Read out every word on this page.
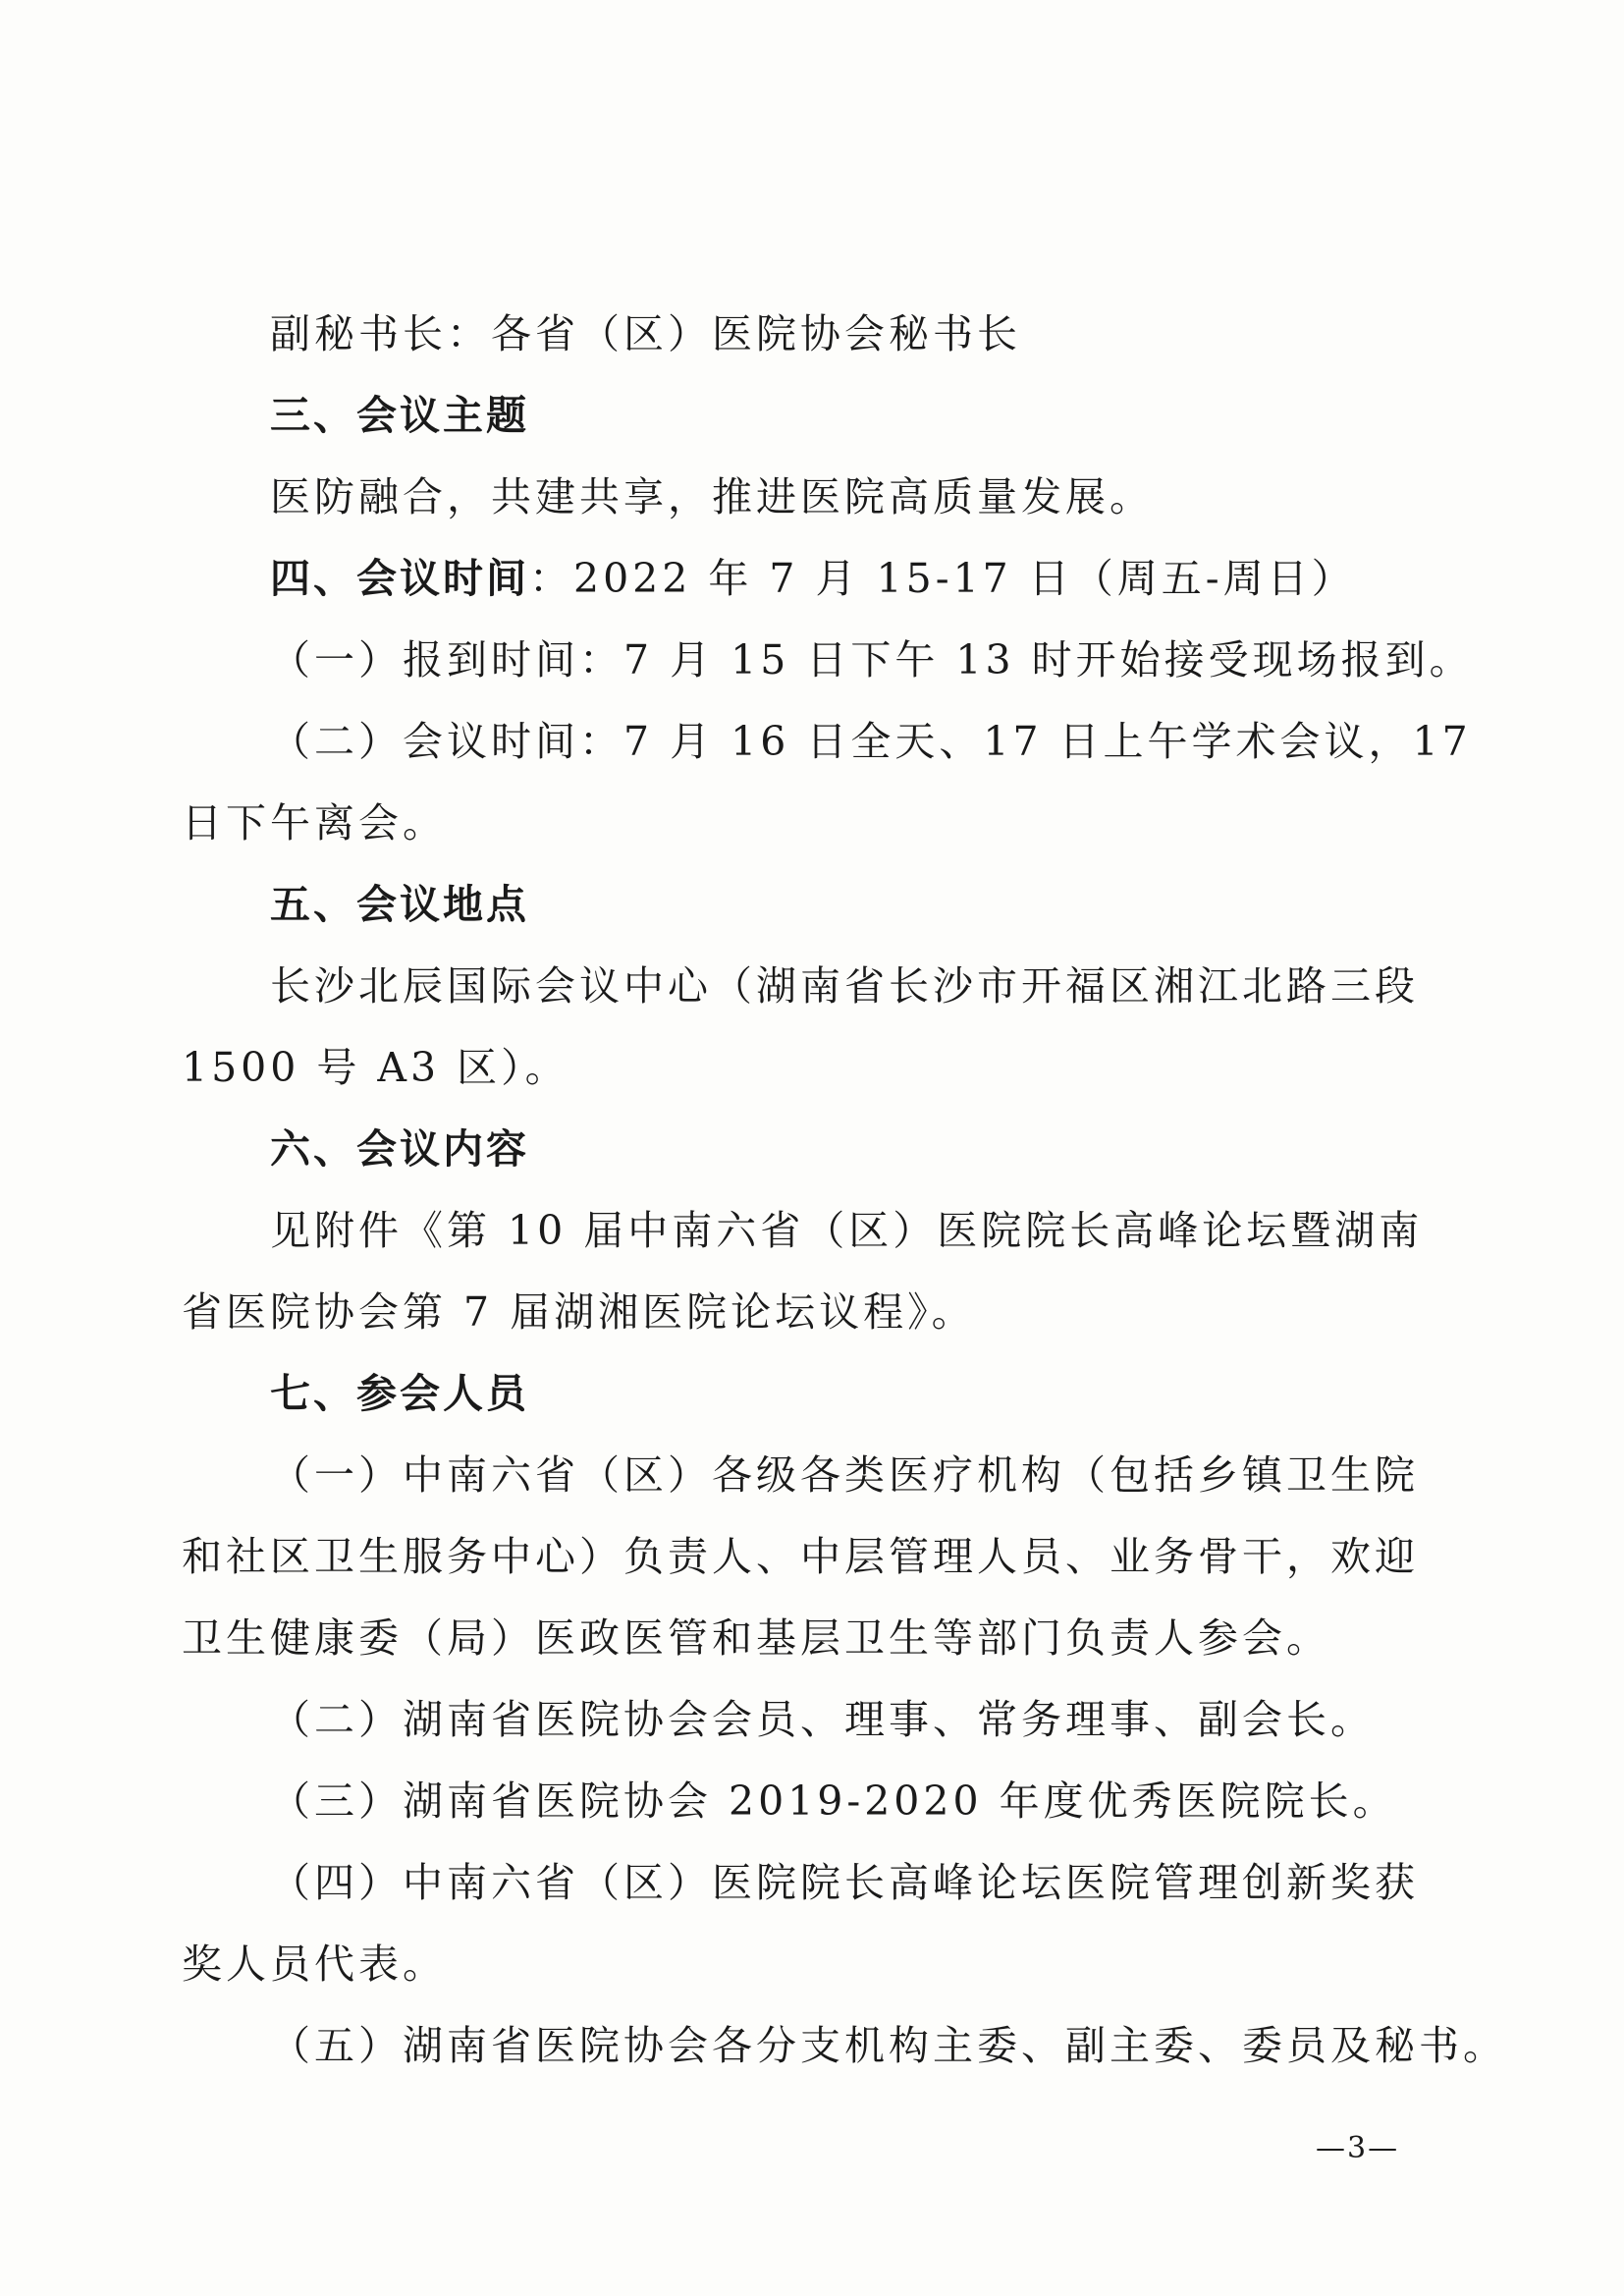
副秘书长：各省（区）医院协会秘书长
三、会议主题
医防融合，共建共享，推进医院高质量发展。
四、会议时间：2022 年 7 月 15-17 日（周五-周日）
（一）报到时间：7 月 15 日下午 13 时开始接受现场报到。
（二）会议时间：7 月 16 日全天、17 日上午学术会议，17
日下午离会。
五、会议地点
长沙北辰国际会议中心（湖南省长沙市开福区湘江北路三段
1500 号 A3 区）。
六、会议内容
见附件《第 10 届中南六省（区）医院院长高峰论坛暨湖南
省医院协会第 7 届湖湘医院论坛议程》。
七、参会人员
（一）中南六省（区）各级各类医疗机构（包括乡镇卫生院
和社区卫生服务中心）负责人、中层管理人员、业务骨干，欢迎
卫生健康委（局）医政医管和基层卫生等部门负责人参会。
（二）湖南省医院协会会员、理事、常务理事、副会长。
（三）湖南省医院协会 2019-2020 年度优秀医院院长。
（四）中南六省（区）医院院长高峰论坛医院管理创新奖获
奖人员代表。
（五）湖南省医院协会各分支机构主委、副主委、委员及秘书。
—3—
